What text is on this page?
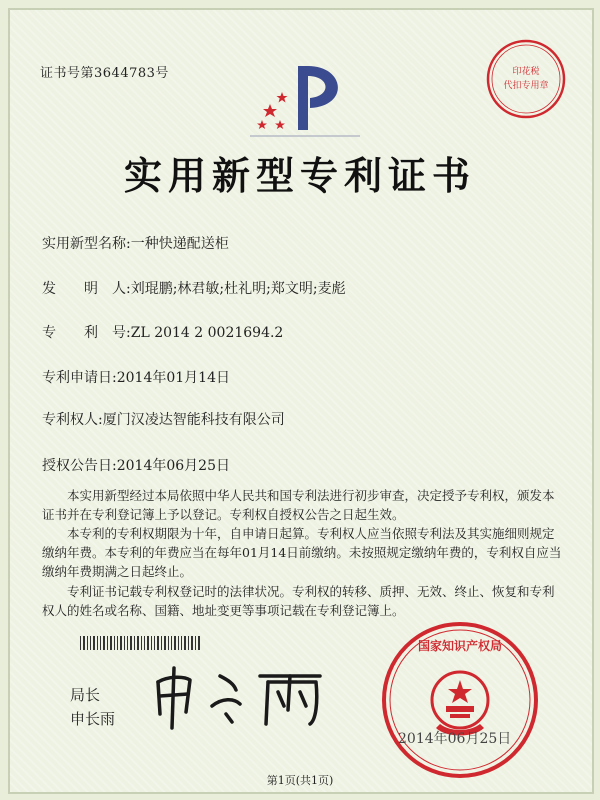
证书号第3644783号
实用新型专利证书
实用新型名称:一种快递配送柜
发　　明　人:刘琨鹏;林君敏;杜礼明;郑文明;麦彪
专　　利　号:ZL 2014 2 0021694.2
专利申请日:2014年01月14日
专利权人:厦门汉凌达智能科技有限公司
授权公告日:2014年06月25日
本实用新型经过本局依照中华人民共和国专利法进行初步审查，决定授予专利权，颁发本证书并在专利登记簿上予以登记。专利权自授权公告之日起生效。
本专利的专利权期限为十年，自申请日起算。专利权人应当依照专利法及其实施细则规定缴纳年费。本专利的年费应当在每年01月14日前缴纳。未按照规定缴纳年费的，专利权自应当缴纳年费期满之日起终止。
专利证书记载专利权登记时的法律状况。专利权的转移、质押、无效、终止、恢复和专利权人的姓名或名称、国籍、地址变更等事项记载在专利登记簿上。
局长
申长雨
印花税
代扣专用章
国家知识产权局
2014年06月25日
第1页(共1页)
